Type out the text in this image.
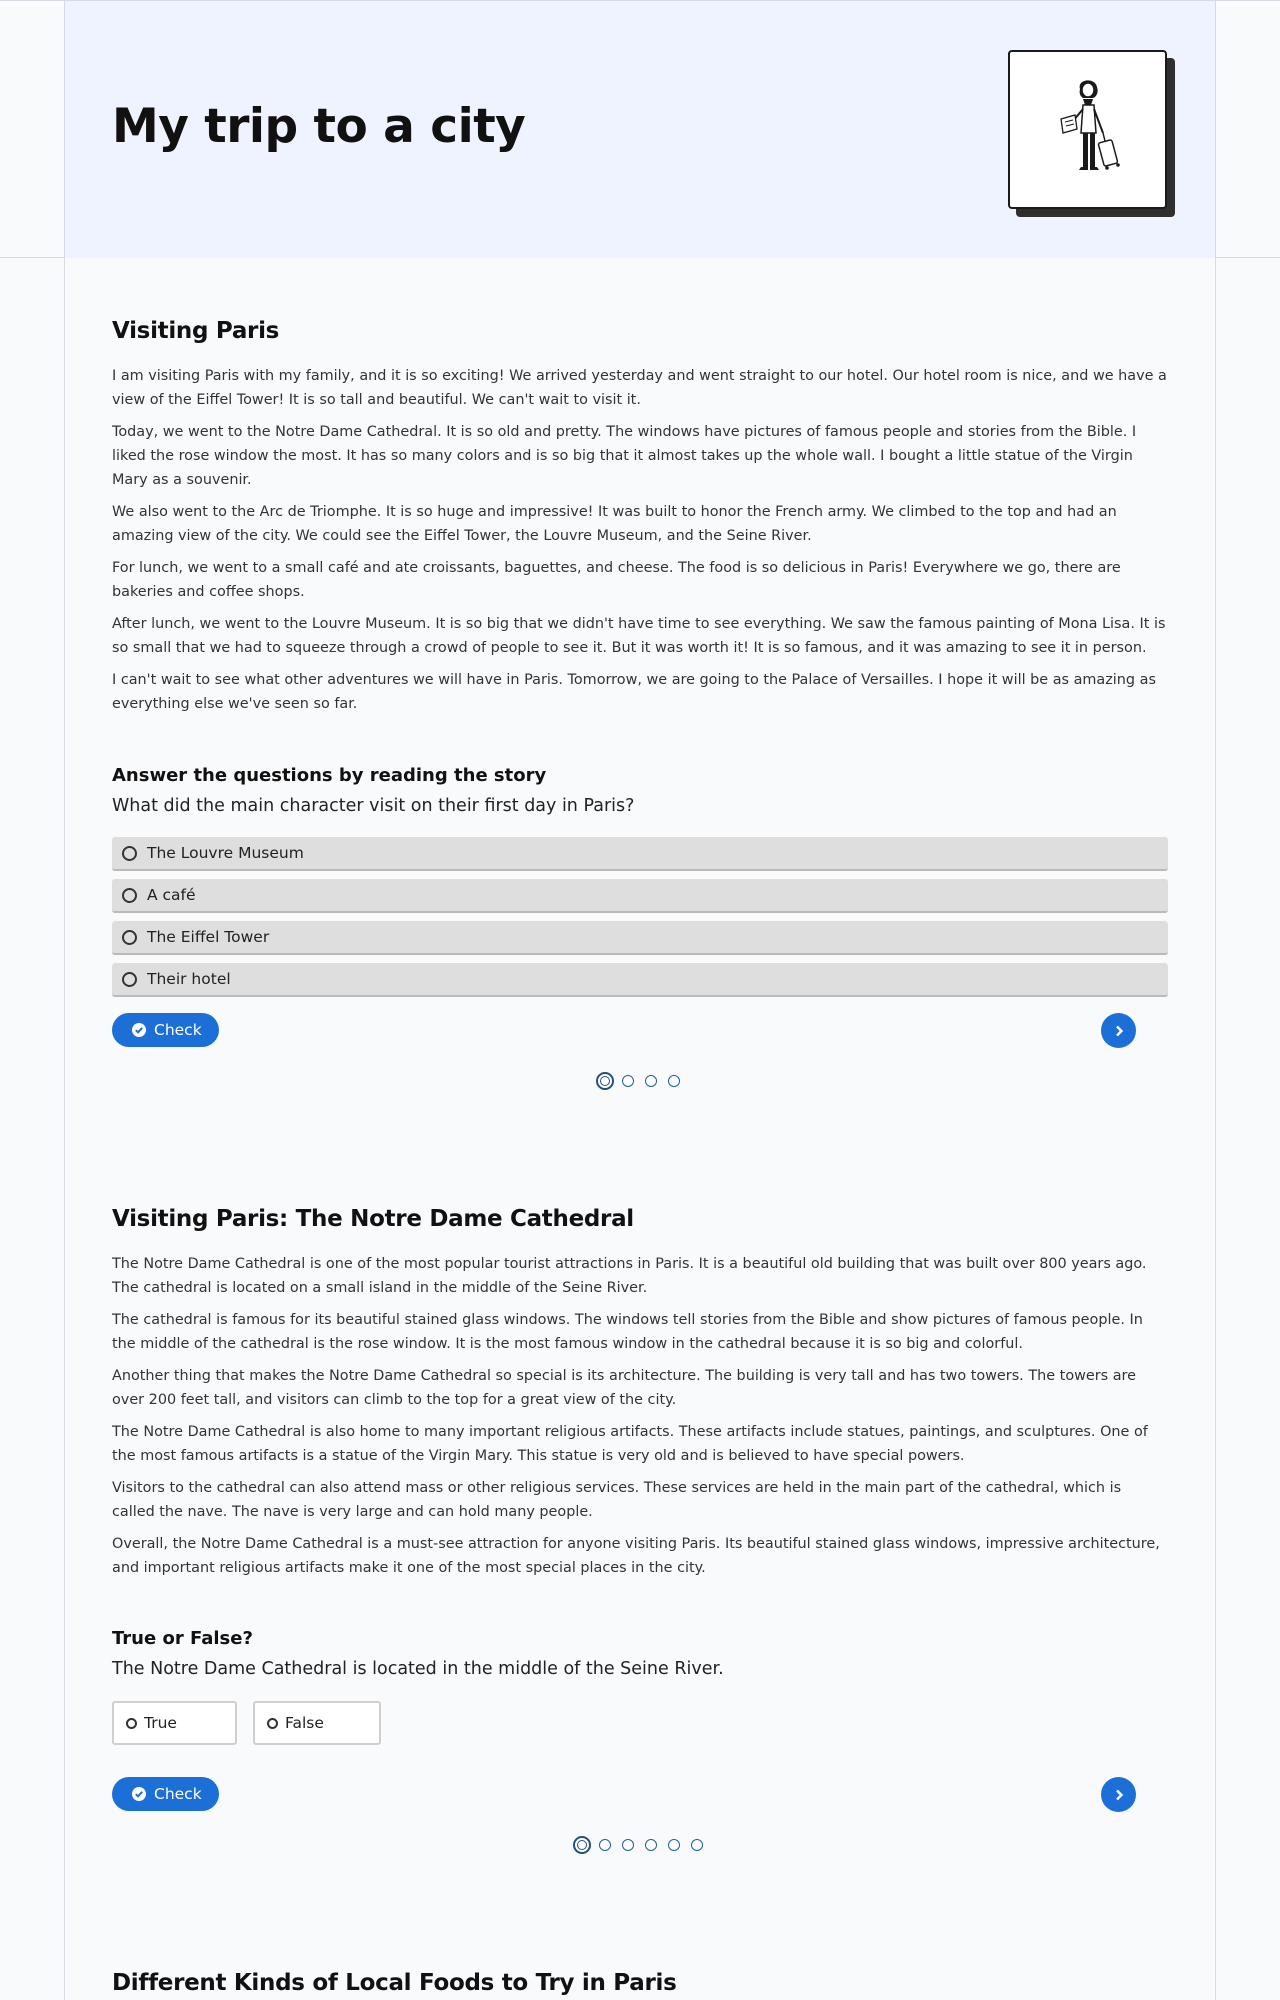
My trip to a city
Visiting Paris

I am visiting Paris with my family, and it is so exciting! We arrived yesterday and went straight to our hotel. Our hotel room is nice, and we have a view of the Eiffel Tower! It is so tall and beautiful. We can't wait to visit it.

Today, we went to the Notre Dame Cathedral. It is so old and pretty. The windows have pictures of famous people and stories from the Bible. I liked the rose window the most. It has so many colors and is so big that it almost takes up the whole wall. I bought a little statue of the Virgin Mary as a souvenir.

We also went to the Arc de Triomphe. It is so huge and impressive! It was built to honor the French army. We climbed to the top and had an amazing view of the city. We could see the Eiffel Tower, the Louvre Museum, and the Seine River.

For lunch, we went to a small café and ate croissants, baguettes, and cheese. The food is so delicious in Paris! Everywhere we go, there are bakeries and coffee shops.

After lunch, we went to the Louvre Museum. It is so big that we didn't have time to see everything. We saw the famous painting of Mona Lisa. It is so small that we had to squeeze through a crowd of people to see it. But it was worth it! It is so famous, and it was amazing to see it in person.

I can't wait to see what other adventures we will have in Paris. Tomorrow, we are going to the Palace of Versailles. I hope it will be as amazing as everything else we've seen so far.

Answer the questions by reading the story

What did the main character visit on their first day in Paris?

The Louvre Museum
A café
The Eiffel Tower
Their hotel
Check
Visiting Paris: The Notre Dame Cathedral

The Notre Dame Cathedral is one of the most popular tourist attractions in Paris. It is a beautiful old building that was built over 800 years ago. The cathedral is located on a small island in the middle of the Seine River.

The cathedral is famous for its beautiful stained glass windows. The windows tell stories from the Bible and show pictures of famous people. In the middle of the cathedral is the rose window. It is the most famous window in the cathedral because it is so big and colorful.

Another thing that makes the Notre Dame Cathedral so special is its architecture. The building is very tall and has two towers. The towers are over 200 feet tall, and visitors can climb to the top for a great view of the city.

The Notre Dame Cathedral is also home to many important religious artifacts. These artifacts include statues, paintings, and sculptures. One of the most famous artifacts is a statue of the Virgin Mary. This statue is very old and is believed to have special powers.

Visitors to the cathedral can also attend mass or other religious services. These services are held in the main part of the cathedral, which is called the nave. The nave is very large and can hold many people.

Overall, the Notre Dame Cathedral is a must-see attraction for anyone visiting Paris. Its beautiful stained glass windows, impressive architecture, and important religious artifacts make it one of the most special places in the city.

True or False?

The Notre Dame Cathedral is located in the middle of the Seine River.

True	False
Check
Different Kinds of Local Foods to Try in Paris
